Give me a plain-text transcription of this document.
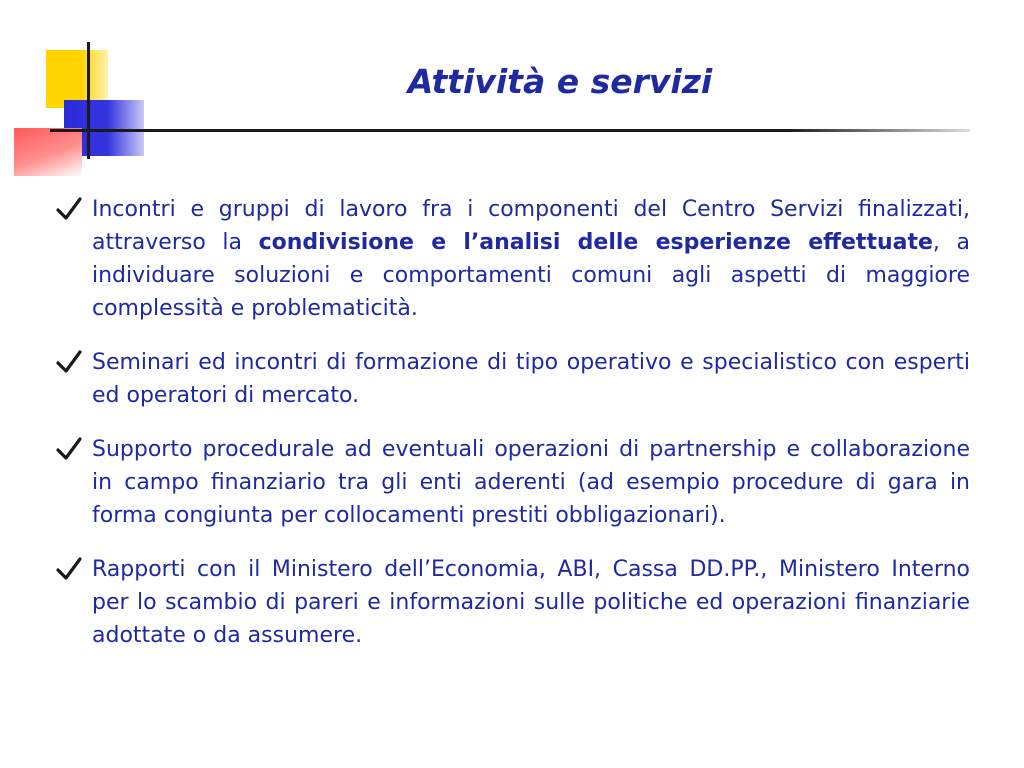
Attività e servizi
Incontri e gruppi di lavoro fra i componenti del Centro Servizi finalizzati, attraverso la condivisione e l’analisi delle esperienze effettuate, a individuare soluzioni e comportamenti comuni agli aspetti di maggiore complessità e problematicità.
Seminari ed incontri di formazione di tipo operativo e specialistico con esperti ed operatori di mercato.
Supporto procedurale ad eventuali operazioni di partnership e collaborazione in campo finanziario tra gli enti aderenti (ad esempio procedure di gara in forma congiunta per collocamenti prestiti obbligazionari).
Rapporti con il Ministero dell’Economia, ABI, Cassa DD.PP., Ministero Interno per lo scambio di pareri e informazioni sulle politiche ed operazioni finanziarie adottate o da assumere.
